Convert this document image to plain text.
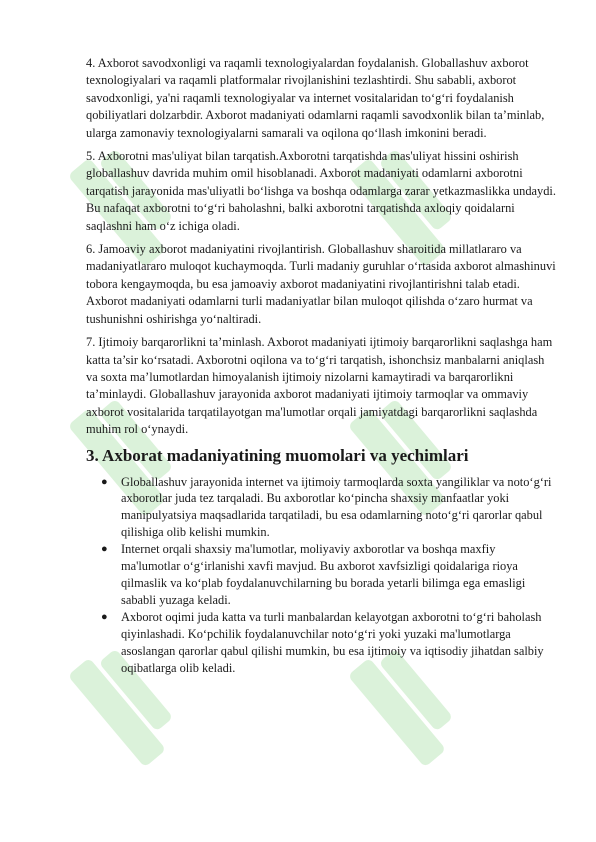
4. Axborot savodxonligi va raqamli texnologiyalardan foydalanish. Globallashuv axborot texnologiyalari va raqamli platformalar rivojlanishini tezlashtirdi. Shu sababli, axborot savodxonligi, ya'ni raqamli texnologiyalar va internet vositalaridan to‘g‘ri foydalanish qobiliyatlari dolzarbdir. Axborot madaniyati odamlarni raqamli savodxonlik bilan ta’minlab, ularga zamonaviy texnologiyalarni samarali va oqilona qo‘llash imkonini beradi.

5. Axborotni mas'uliyat bilan tarqatish.Axborotni tarqatishda mas'uliyat hissini oshirish globallashuv davrida muhim omil hisoblanadi. Axborot madaniyati odamlarni axborotni tarqatish jarayonida mas'uliyatli bo‘lishga va boshqa odamlarga zarar yetkazmaslikka undaydi. Bu nafaqat axborotni to‘g‘ri baholashni, balki axborotni tarqatishda axloqiy qoidalarni saqlashni ham o‘z ichiga oladi.

6. Jamoaviy axborot madaniyatini rivojlantirish. Globallashuv sharoitida millatlararo va madaniyatlararo muloqot kuchaymoqda. Turli madaniy guruhlar o‘rtasida axborot almashinuvi tobora kengaymoqda, bu esa jamoaviy axborot madaniyatini rivojlantirishni talab etadi. Axborot madaniyati odamlarni turli madaniyatlar bilan muloqot qilishda o‘zaro hurmat va tushunishni oshirishga yo‘naltiradi.

7. Ijtimoiy barqarorlikni ta’minlash. Axborot madaniyati ijtimoiy barqarorlikni saqlashga ham katta ta’sir ko‘rsatadi. Axborotni oqilona va to‘g‘ri tarqatish, ishonchsiz manbalarni aniqlash va soxta ma’lumotlardan himoyalanish ijtimoiy nizolarni kamaytiradi va barqarorlikni ta’minlaydi. Globallashuv jarayonida axborot madaniyati ijtimoiy tarmoqlar va ommaviy axborot vositalarida tarqatilayotgan ma'lumotlar orqali jamiyatdagi barqarorlikni saqlashda muhim rol o‘ynaydi.

3. Axborat madaniyatining muomolari va yechimlari
● Globallashuv jarayonida internet va ijtimoiy tarmoqlarda soxta yangiliklar va noto‘g‘ri axborotlar juda tez tarqaladi. Bu axborotlar ko‘pincha shaxsiy manfaatlar yoki manipulyatsiya maqsadlarida tarqatiladi, bu esa odamlarning noto‘g‘ri qarorlar qabul qilishiga olib kelishi mumkin.
● Internet orqali shaxsiy ma'lumotlar, moliyaviy axborotlar va boshqa maxfiy ma'lumotlar o‘g‘irlanishi xavfi mavjud. Bu axborot xavfsizligi qoidalariga rioya qilmaslik va ko‘plab foydalanuvchilarning bu borada yetarli bilimga ega emasligi sababli yuzaga keladi.
● Axborot oqimi juda katta va turli manbalardan kelayotgan axborotni to‘g‘ri baholash qiyinlashadi. Ko‘pchilik foydalanuvchilar noto‘g‘ri yoki yuzaki ma'lumotlarga asoslangan qarorlar qabul qilishi mumkin, bu esa ijtimoiy va iqtisodiy jihatdan salbiy oqibatlarga olib keladi.
